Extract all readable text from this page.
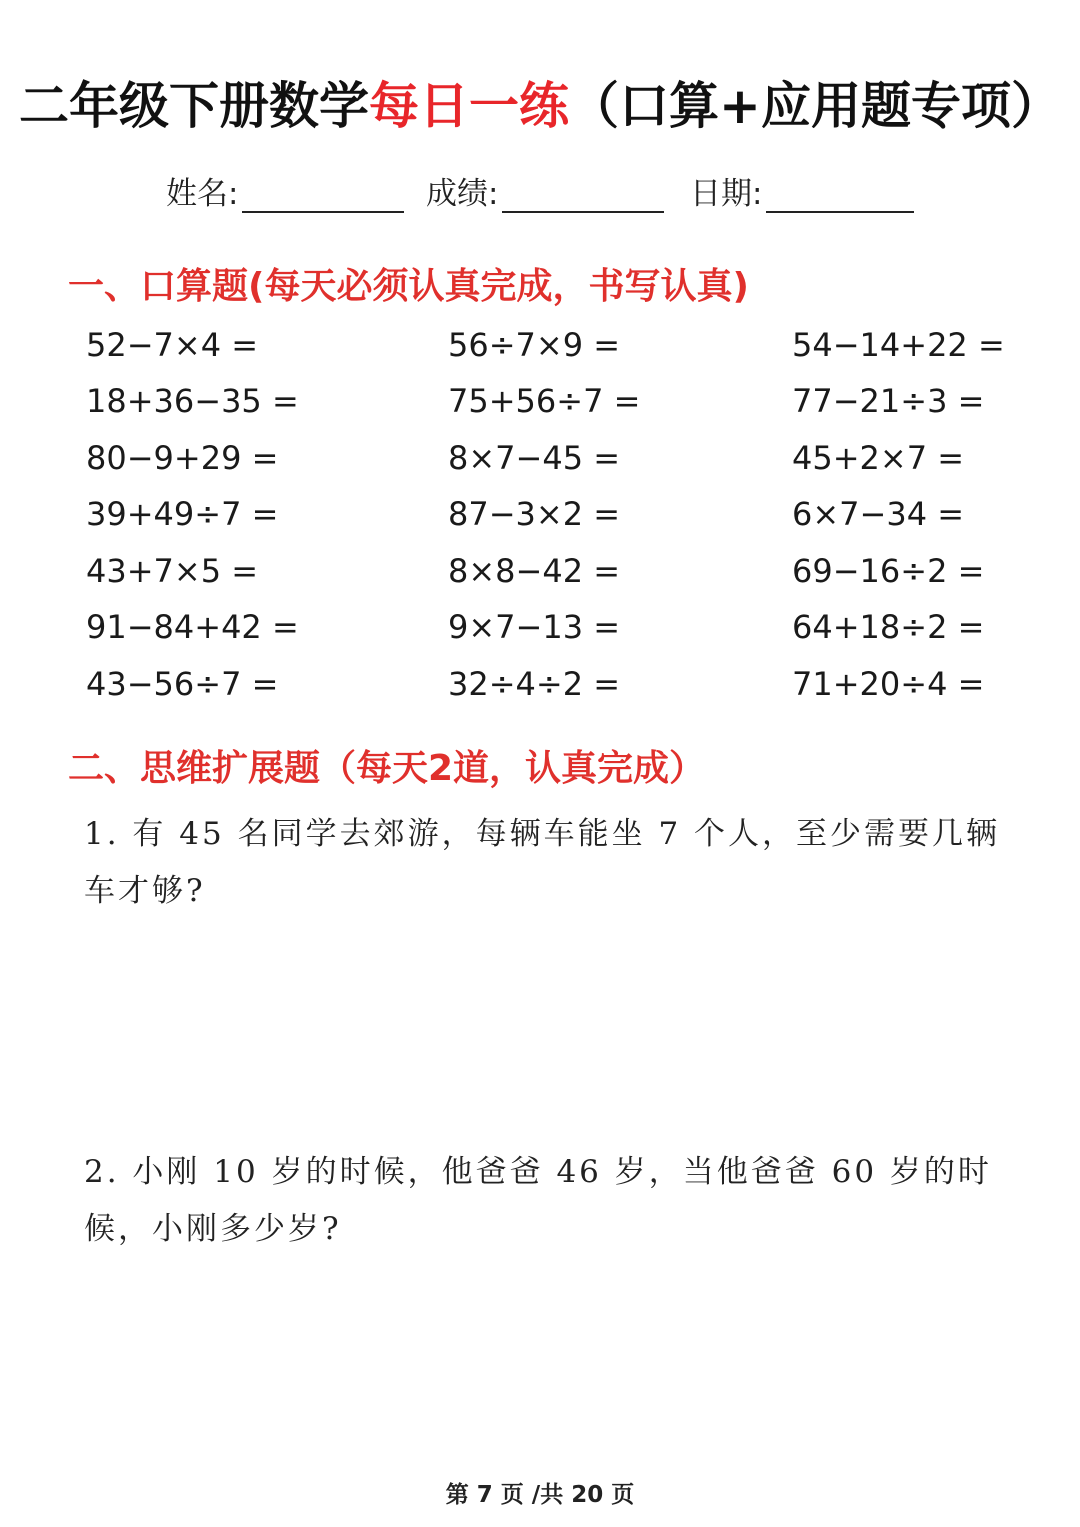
二年级下册数学每日一练（口算+应用题专项）
姓名:	成绩:	日期:
一、口算题(每天必须认真完成，书写认真)
52−7×4 =	56÷7×9 =	54−14+22 =
18+36−35 =	75+56÷7 =	77−21÷3 =
80−9+29 =	8×7−45 =	45+2×7 =
39+49÷7 =	87−3×2 =	6×7−34 =
43+7×5 =	8×8−42 =	69−16÷2 =
91−84+42 =	9×7−13 =	64+18÷2 =
43−56÷7 =	32÷4÷2 =	71+20÷4 =
二、思维扩展题（每天2道，认真完成）
1. 有 45 名同学去郊游，每辆车能坐 7 个人，至少需要几辆车才够?
2. 小刚 10 岁的时候，他爸爸 46 岁，当他爸爸 60 岁的时候，小刚多少岁?
第 7 页 /共 20 页
